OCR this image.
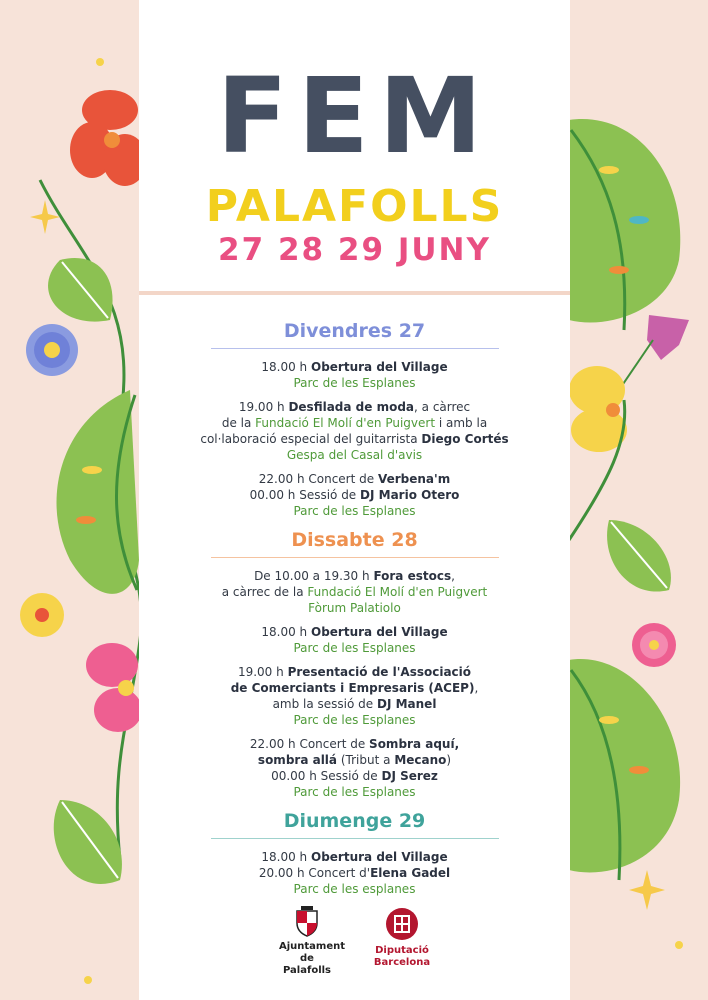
FEM
PALAFOLLS
27 28 29 JUNY
Divendres 27
18.00 h Obertura del Village
Parc de les Esplanes
19.00 h Desfilada de moda, a càrrec
de la Fundació El Molí d'en Puigvert i amb la
col·laboració especial del guitarrista Diego Cortés
Gespa del Casal d'avis
22.00 h Concert de Verbena'm
00.00 h Sessió de DJ Mario Otero
Parc de les Esplanes
Dissabte 28
De 10.00 a 19.30 h Fora estocs,
a càrrec de la Fundació El Molí d'en Puigvert
Fòrum Palatiolo
18.00 h Obertura del Village
Parc de les Esplanes
19.00 h Presentació de l'Associació
de Comerciants i Empresaris (ACEP),
amb la sessió de DJ Manel
Parc de les Esplanes
22.00 h Concert de Sombra aquí,
sombra allá (Tribut a Mecano)
00.00 h Sessió de DJ Serez
Parc de les Esplanes
Diumenge 29
18.00 h Obertura del Village
20.00 h Concert d'Elena Gadel
Parc de les esplanes
Ajuntament
de Palafolls
Diputació
Barcelona
